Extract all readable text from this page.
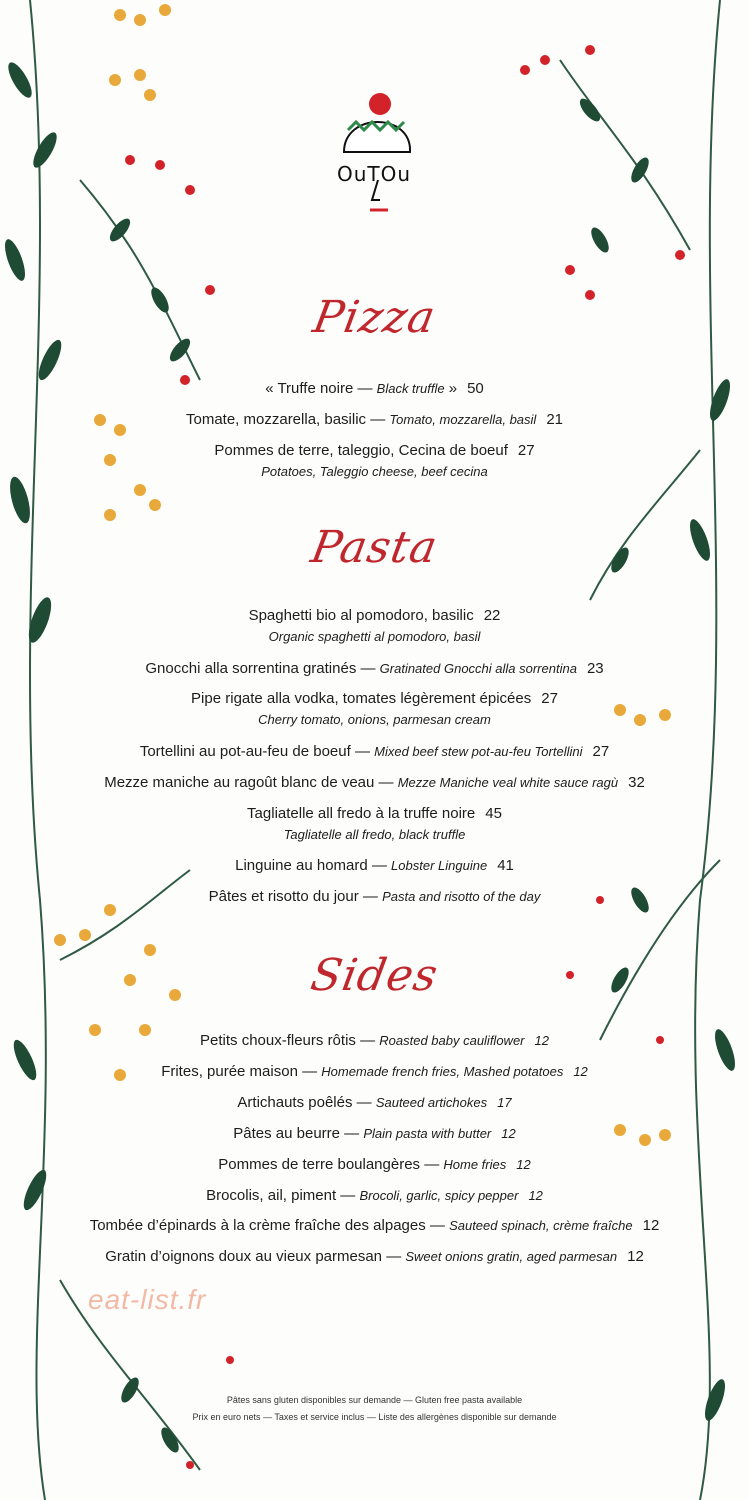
OuTOu
Pizza
« Truffe noire — Black truffle » 50
Tomate, mozzarella, basilic — Tomato, mozzarella, basil 21
Pommes de terre, taleggio, Cecina de boeuf 27
Potatoes, Taleggio cheese, beef cecina
Pasta
Spaghetti bio al pomodoro, basilic 22
Organic spaghetti al pomodoro, basil
Gnocchi alla sorrentina gratinés — Gratinated Gnocchi alla sorrentina 23
Pipe rigate alla vodka, tomates légèrement épicées 27
Cherry tomato, onions, parmesan cream
Tortellini au pot-au-feu de boeuf — Mixed beef stew pot-au-feu Tortellini 27
Mezze maniche au ragoût blanc de veau — Mezze Maniche veal white sauce ragù 32
Tagliatelle all fredo à la truffe noire 45
Tagliatelle all fredo, black truffle
Linguine au homard — Lobster Linguine 41
Pâtes et risotto du jour — Pasta and risotto of the day
Sides
Petits choux-fleurs rôtis — Roasted baby cauliflower 12
Frites, purée maison — Homemade french fries, Mashed potatoes 12
Artichauts poêlés — Sauteed artichokes 17
Pâtes au beurre — Plain pasta with butter 12
Pommes de terre boulangères — Home fries 12
Brocolis, ail, piment — Brocoli, garlic, spicy pepper 12
Tombée d’épinards à la crème fraîche des alpages — Sauteed spinach, crème fraîche 12
Gratin d’oignons doux au vieux parmesan — Sweet onions gratin, aged parmesan 12
eat-list.fr
Pâtes sans gluten disponibles sur demande — Gluten free pasta available
Prix en euro nets — Taxes et service inclus — Liste des allergènes disponible sur demande
